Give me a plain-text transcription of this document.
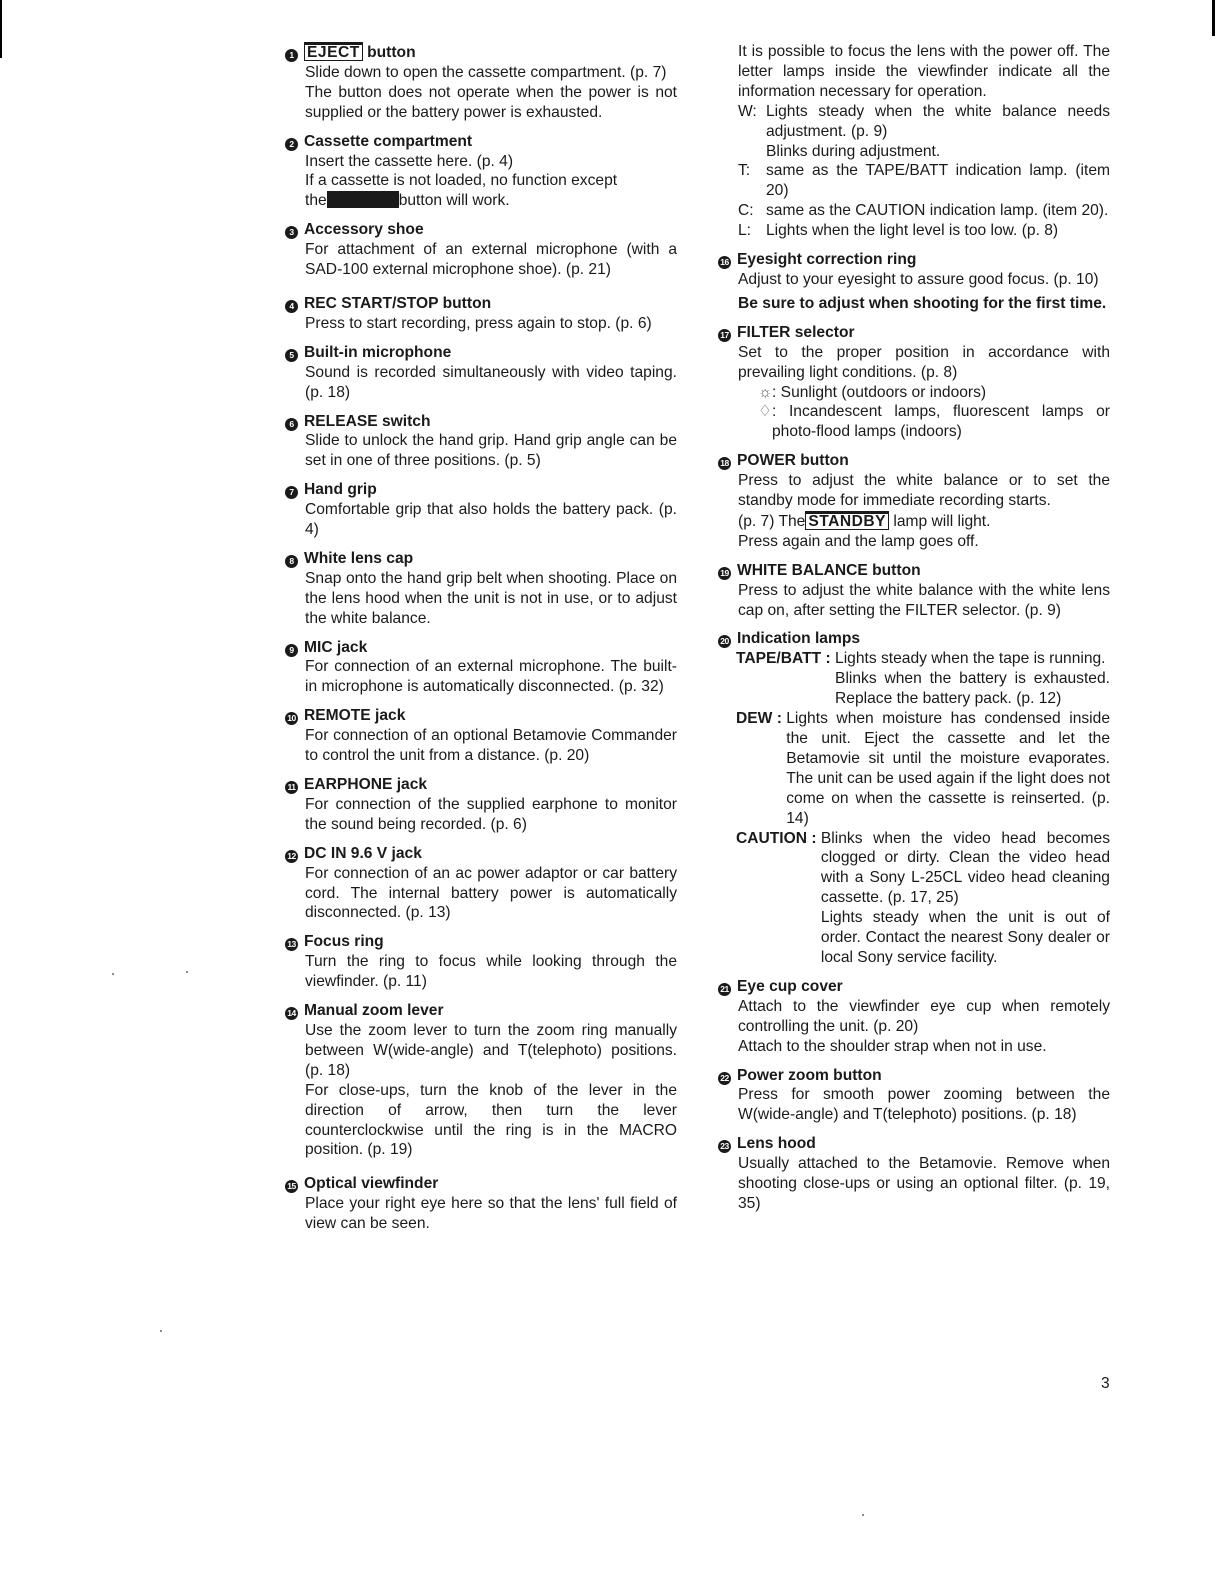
1 EJECT
button

Slide down to open the cassette compartment. (p. 7)

The button does not operate when the power is not supplied or the battery power is exhausted.

2 Cassette compartment

Insert the cassette here. (p. 4)

If a cassette is not loaded, no function except

the	button will work.

3 Accessory shoe

For attachment of an external microphone (with a SAD-100 external microphone shoe). (p. 21)

4 REC START/STOP button

Press to start recording, press again to stop. (p. 6)

5 Built-in microphone

Sound is recorded simultaneously with video taping. (p. 18)

6 RELEASE switch

Slide to unlock the hand grip. Hand grip angle can be set in one of three positions. (p. 5)

7 Hand grip

Comfortable grip that also holds the battery pack. (p. 4)

8 White lens cap

Snap onto the hand grip belt when shooting. Place on the lens hood when the unit is not in use, or to adjust the white balance.

9 MIC jack

For connection of an external microphone. The built-in microphone is automatically disconnected. (p. 32)

10 REMOTE jack

For connection of an optional Betamovie Commander to control the unit from a distance. (p. 20)

11 EARPHONE jack

For connection of the supplied earphone to monitor the sound being recorded. (p. 6)

12 DC IN 9.6 V jack

For connection of an ac power adaptor or car battery cord. The internal battery power is automatically disconnected. (p. 13)

13 Focus ring

Turn the ring to focus while looking through the viewfinder. (p. 11)

14 Manual zoom lever

Use the zoom lever to turn the zoom ring manually between W(wide-angle) and T(telephoto) positions. (p. 18)

For close-ups, turn the knob of the lever in the direction of arrow, then turn the lever counterclockwise until the ring is in the MACRO position. (p. 19)

15 Optical viewfinder

Place your right eye here so that the lens' full field of view can be seen.

It is possible to focus the lens with the power off. The letter lamps inside the viewfinder indicate all the information necessary for operation.

W: Lights steady when the white balance needs adjustment. (p. 9)
Blinks during adjustment.
T:	same as the TAPE/BATT indication lamp. (item 20)
C: same as the CAUTION indication lamp. (item 20).
L: Lights when the light level is too low. (p. 8)
16 Eyesight correction ring

Adjust to your eyesight to assure good focus. (p. 10)

Be sure to adjust when shooting for the first time.

17 FILTER selector

Set to the proper position in accordance with prevailing light conditions. (p. 8)

☼ : Sunlight (outdoors or indoors)
♢ : Incandescent lamps, fluorescent lamps or photo-flood lamps (indoors)
18 POWER button

Press to adjust the white balance or to set the standby mode for immediate recording starts.

(p. 7) The STANDBY lamp will light.

Press again and the lamp goes off.

19 WHITE BALANCE button

Press to adjust the white balance with the white lens cap on, after setting the FILTER selector. (p. 9)

20 Indication lamps
TAPE/BATT : Lights steady when the tape is running.
Blinks when the battery is exhausted. Replace the battery pack. (p. 12)
DEW : Lights when moisture has condensed inside the unit. Eject the cassette and let the Betamovie sit until the moisture evaporates. The unit can be used again if the light does not come on when the cassette is reinserted. (p. 14)
CAUTION : Blinks when the video head becomes clogged or dirty. Clean the video head with a Sony L-25CL video head cleaning cassette. (p. 17, 25)
Lights steady when the unit is out of order. Contact the nearest Sony dealer or local Sony service facility.
21 Eye cup cover

Attach to the viewfinder eye cup when remotely controlling the unit. (p. 20)

Attach to the shoulder strap when not in use.

22 Power zoom button

Press for smooth power zooming between the W(wide-angle) and T(telephoto) positions. (p. 18)

23 Lens hood

Usually attached to the Betamovie. Remove when shooting close-ups or using an optional filter. (p. 19, 35)

3
